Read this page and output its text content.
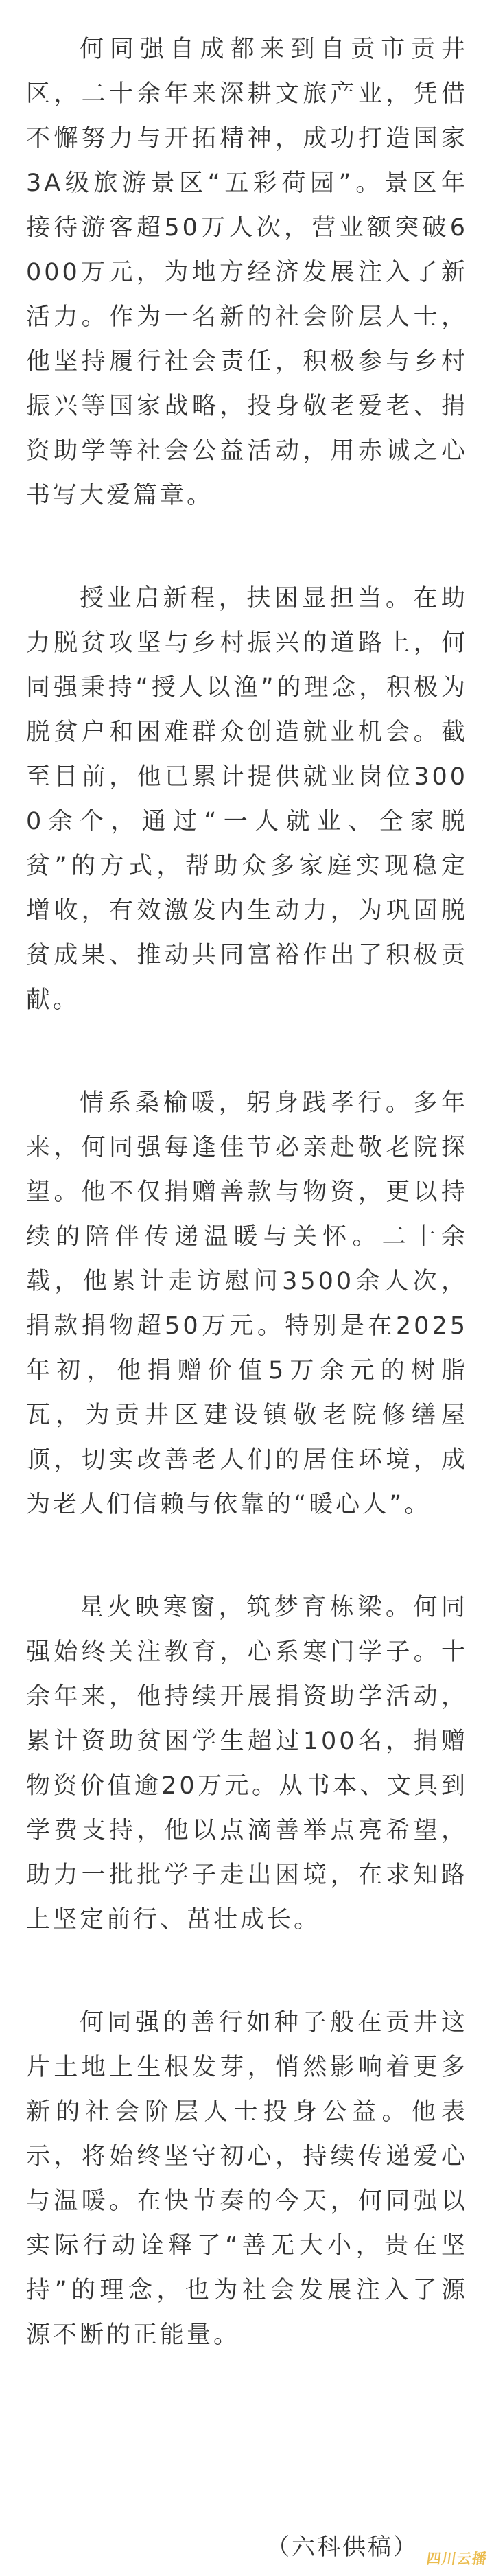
何同强自成都来到自贡市贡井区，二十余年来深耕文旅产业，凭借不懈努力与开拓精神，成功打造国家3A级旅游景区“五彩荷园”。景区年接待游客超50万人次，营业额突破6000万元，为地方经济发展注入了新活力。作为一名新的社会阶层人士，他坚持履行社会责任，积极参与乡村振兴等国家战略，投身敬老爱老、捐资助学等社会公益活动，用赤诚之心书写大爱篇章。

授业启新程，扶困显担当。在助力脱贫攻坚与乡村振兴的道路上，何同强秉持“授人以渔”的理念，积极为脱贫户和困难群众创造就业机会。截至目前，他已累计提供就业岗位3000余个，通过“一人就业、全家脱贫”的方式，帮助众多家庭实现稳定增收，有效激发内生动力，为巩固脱贫成果、推动共同富裕作出了积极贡献。

情系桑榆暖，躬身践孝行。多年来，何同强每逢佳节必亲赴敬老院探望。他不仅捐赠善款与物资，更以持续的陪伴传递温暖与关怀。二十余载，他累计走访慰问3500余人次，捐款捐物超50万元。特别是在2025年初，他捐赠价值5万余元的树脂瓦，为贡井区建设镇敬老院修缮屋顶，切实改善老人们的居住环境，成为老人们信赖与依靠的“暖心人”。

星火映寒窗，筑梦育栋梁。何同强始终关注教育，心系寒门学子。十余年来，他持续开展捐资助学活动，累计资助贫困学生超过100名，捐赠物资价值逾20万元。从书本、文具到学费支持，他以点滴善举点亮希望，助力一批批学子走出困境，在求知路上坚定前行、茁壮成长。

何同强的善行如种子般在贡井这片土地上生根发芽，悄然影响着更多新的社会阶层人士投身公益。他表示，将始终坚守初心，持续传递爱心与温暖。在快节奏的今天，何同强以实际行动诠释了“善无大小，贵在坚持”的理念，也为社会发展注入了源源不断的正能量。

（六科供稿） 四川云播
